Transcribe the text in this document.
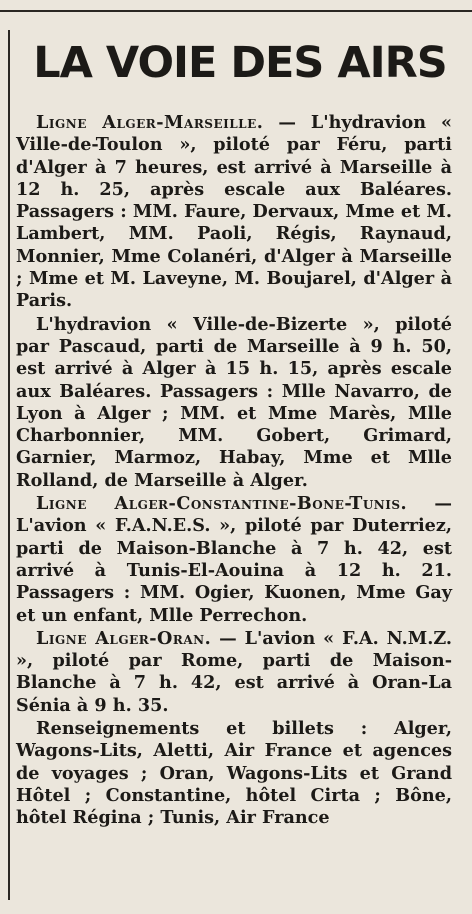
LA VOIE DES AIRS

Ligne Alger-Marseille. — L'hydravion « Ville-de-Toulon », piloté par Féru, parti d'Alger à 7 heures, est arrivé à Marseille à 12 h. 25, après escale aux Baléares. Passagers : MM. Faure, Dervaux, Mme et M. Lambert, MM. Paoli, Régis, Raynaud, Monnier, Mme Colanéri, d'Alger à Marseille ; Mme et M. Laveyne, M. Boujarel, d'Alger à Paris.

L'hydravion « Ville-de-Bizerte », piloté par Pascaud, parti de Marseille à 9 h. 50, est arrivé à Alger à 15 h. 15, après escale aux Baléares. Passagers : Mlle Navarro, de Lyon à Alger ; MM. et Mme Marès, Mlle Charbonnier, MM. Gobert, Grimard, Garnier, Marmoz, Habay, Mme et Mlle Rolland, de Marseille à Alger.

Ligne Alger-Constantine-Bone-Tunis. — L'avion « F.A.N.E.S. », piloté par Duterriez, parti de Maison-Blanche à 7 h. 42, est arrivé à Tunis-El-Aouina à 12 h. 21. Passagers : MM. Ogier, Kuonen, Mme Gay et un enfant, Mlle Perrechon.

Ligne Alger-Oran. — L'avion « F.A. N.M.Z. », piloté par Rome, parti de Maison-Blanche à 7 h. 42, est arrivé à Oran-La Sénia à 9 h. 35.

Renseignements et billets : Alger, Wagons-Lits, Aletti, Air France et agences de voyages ; Oran, Wagons-Lits et Grand Hôtel ; Constantine, hôtel Cirta ; Bône, hôtel Régina ; Tunis, Air France
